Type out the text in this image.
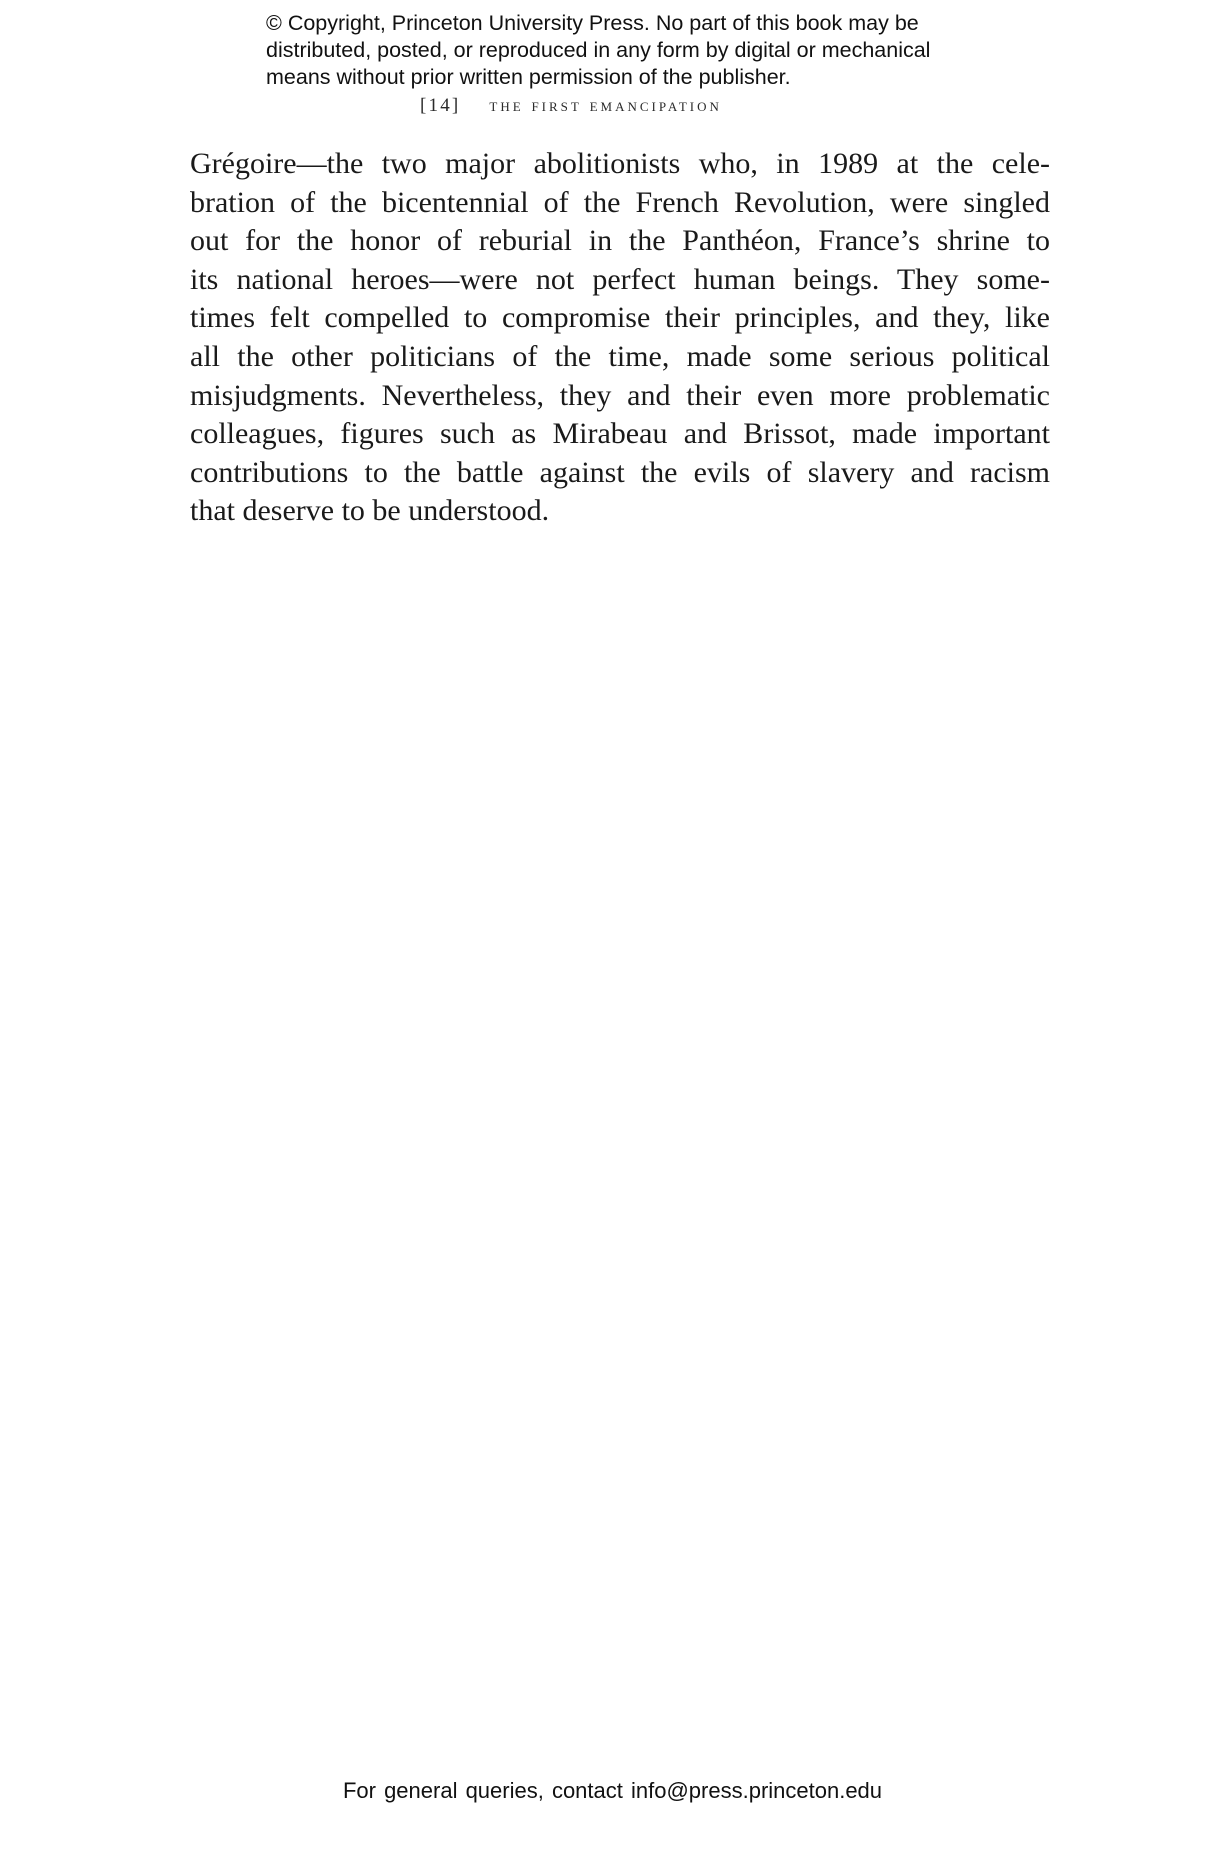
© Copyright, Princeton University Press. No part of this book may be
distributed, posted, or reproduced in any form by digital or mechanical
means without prior written permission of the publisher.
[14] the first emancipation
Grégoire—the two major abolitionists who, in 1989 at the cele-
bration of the bicentennial of the French Revolution, were singled
out for the honor of reburial in the Panthéon, France’s shrine to
its national heroes—were not perfect human beings. They some-
times felt compelled to compromise their principles, and they, like
all the other politicians of the time, made some serious political
misjudgments. Nevertheless, they and their even more problematic
colleagues, figures such as Mirabeau and Brissot, made important
contributions to the battle against the evils of slavery and racism
that deserve to be understood.
For general queries, contact info@press.princeton.edu
